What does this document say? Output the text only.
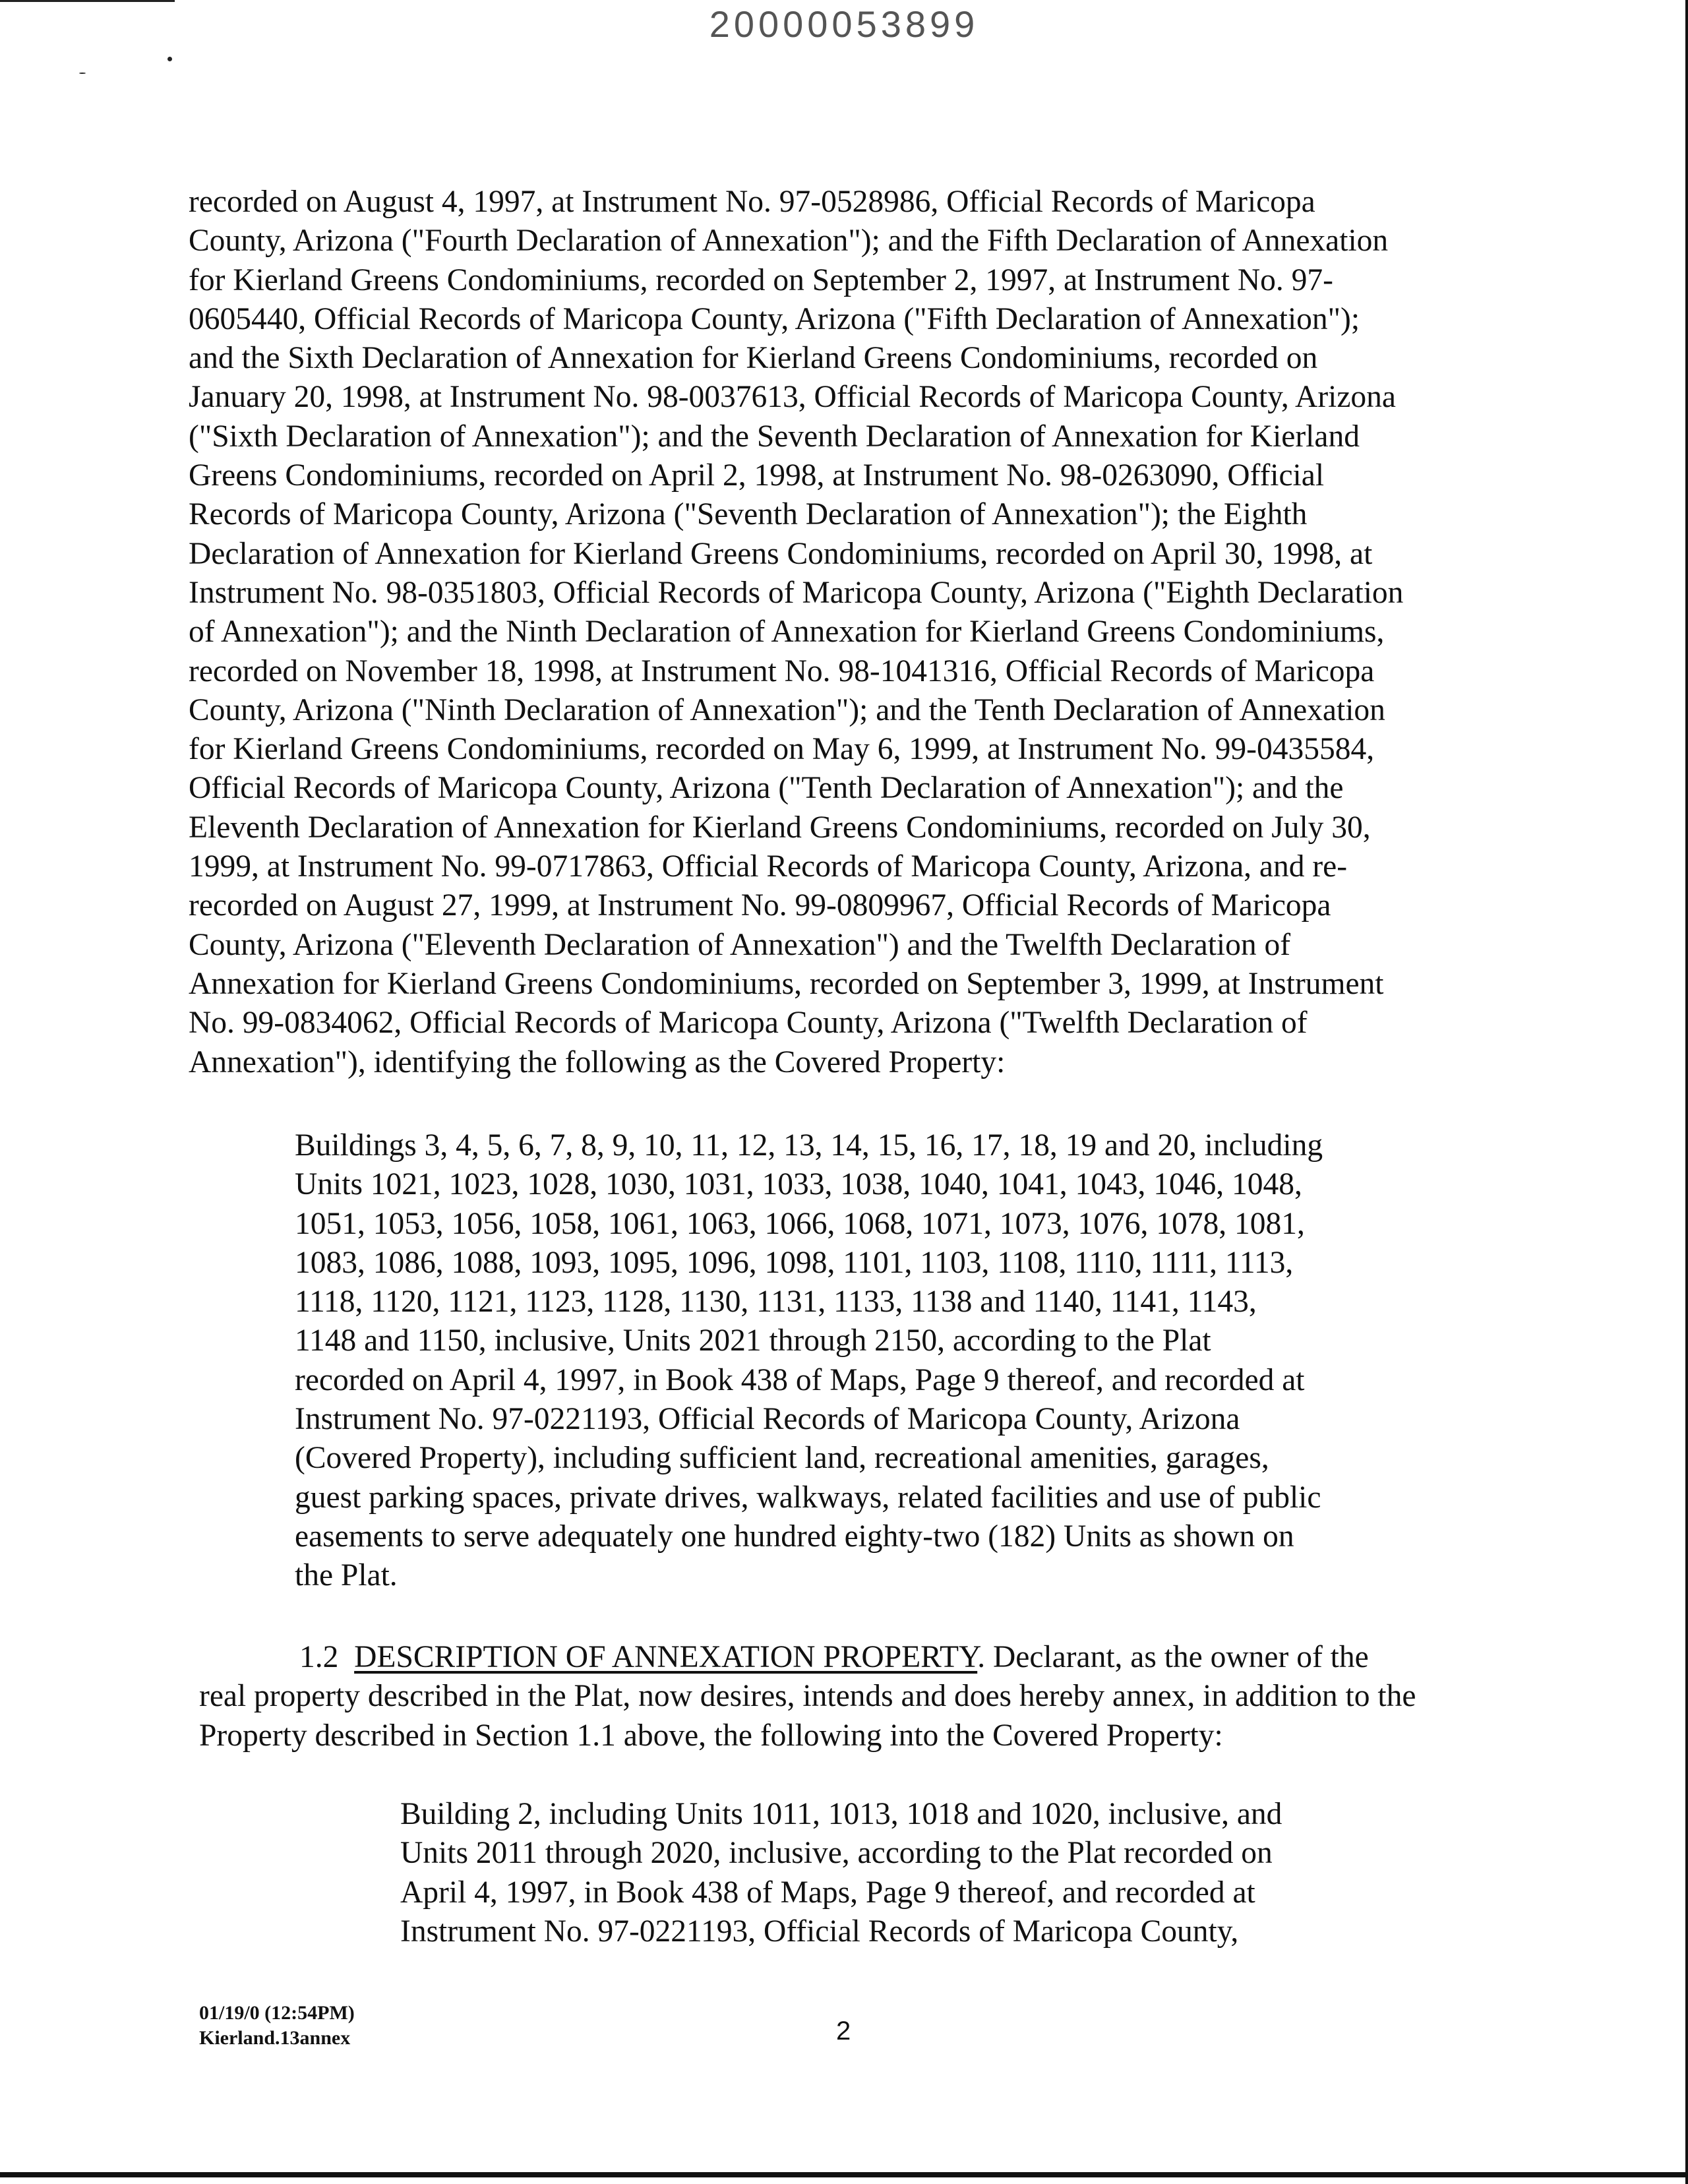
20000053899
recorded on August 4, 1997, at Instrument No. 97-0528986, Official Records of Maricopa
County, Arizona ("Fourth Declaration of Annexation"); and the Fifth Declaration of Annexation
for Kierland Greens Condominiums, recorded on September 2, 1997, at Instrument No. 97-
0605440, Official Records of Maricopa County, Arizona ("Fifth Declaration of Annexation");
and the Sixth Declaration of Annexation for Kierland Greens Condominiums, recorded on
January 20, 1998, at Instrument No. 98-0037613, Official Records of Maricopa County, Arizona
("Sixth Declaration of Annexation"); and the Seventh Declaration of Annexation for Kierland
Greens Condominiums, recorded on April 2, 1998, at Instrument No. 98-0263090, Official
Records of Maricopa County, Arizona ("Seventh Declaration of Annexation"); the Eighth
Declaration of Annexation for Kierland Greens Condominiums, recorded on April 30, 1998, at
Instrument No. 98-0351803, Official Records of Maricopa County, Arizona ("Eighth Declaration
of Annexation"); and the Ninth Declaration of Annexation for Kierland Greens Condominiums,
recorded on November 18, 1998, at Instrument No. 98-1041316, Official Records of Maricopa
County, Arizona ("Ninth Declaration of Annexation"); and the Tenth Declaration of Annexation
for Kierland Greens Condominiums, recorded on May 6, 1999, at Instrument No. 99-0435584,
Official Records of Maricopa County, Arizona ("Tenth Declaration of Annexation"); and the
Eleventh Declaration of Annexation for Kierland Greens Condominiums, recorded on July 30,
1999, at Instrument No. 99-0717863, Official Records of Maricopa County, Arizona, and re-
recorded on August 27, 1999, at Instrument No. 99-0809967, Official Records of Maricopa
County, Arizona ("Eleventh Declaration of Annexation") and the Twelfth Declaration of
Annexation for Kierland Greens Condominiums, recorded on September 3, 1999, at Instrument
No. 99-0834062, Official Records of Maricopa County, Arizona ("Twelfth Declaration of
Annexation"), identifying the following as the Covered Property:
Buildings 3, 4, 5, 6, 7, 8, 9, 10, 11, 12, 13, 14, 15, 16, 17, 18, 19 and 20, including
Units 1021, 1023, 1028, 1030, 1031, 1033, 1038, 1040, 1041, 1043, 1046, 1048,
1051, 1053, 1056, 1058, 1061, 1063, 1066, 1068, 1071, 1073, 1076, 1078, 1081,
1083, 1086, 1088, 1093, 1095, 1096, 1098, 1101, 1103, 1108, 1110, 1111, 1113,
1118, 1120, 1121, 1123, 1128, 1130, 1131, 1133, 1138 and 1140, 1141, 1143,
1148 and 1150, inclusive, Units 2021 through 2150, according to the Plat
recorded on April 4, 1997, in Book 438 of Maps, Page 9 thereof, and recorded at
Instrument No. 97-0221193, Official Records of Maricopa County, Arizona
(Covered Property), including sufficient land, recreational amenities, garages,
guest parking spaces, private drives, walkways, related facilities and use of public
easements to serve adequately one hundred eighty-two (182) Units as shown on
the Plat.
1.2 DESCRIPTION OF ANNEXATION PROPERTY. Declarant, as the owner of the
real property described in the Plat, now desires, intends and does hereby annex, in addition to the
Property described in Section 1.1 above, the following into the Covered Property:
Building 2, including Units 1011, 1013, 1018 and 1020, inclusive, and
Units 2011 through 2020, inclusive, according to the Plat recorded on
April 4, 1997, in Book 438 of Maps, Page 9 thereof, and recorded at
Instrument No. 97-0221193, Official Records of Maricopa County,
01/19/0 (12:54PM)
Kierland.13annex	2
